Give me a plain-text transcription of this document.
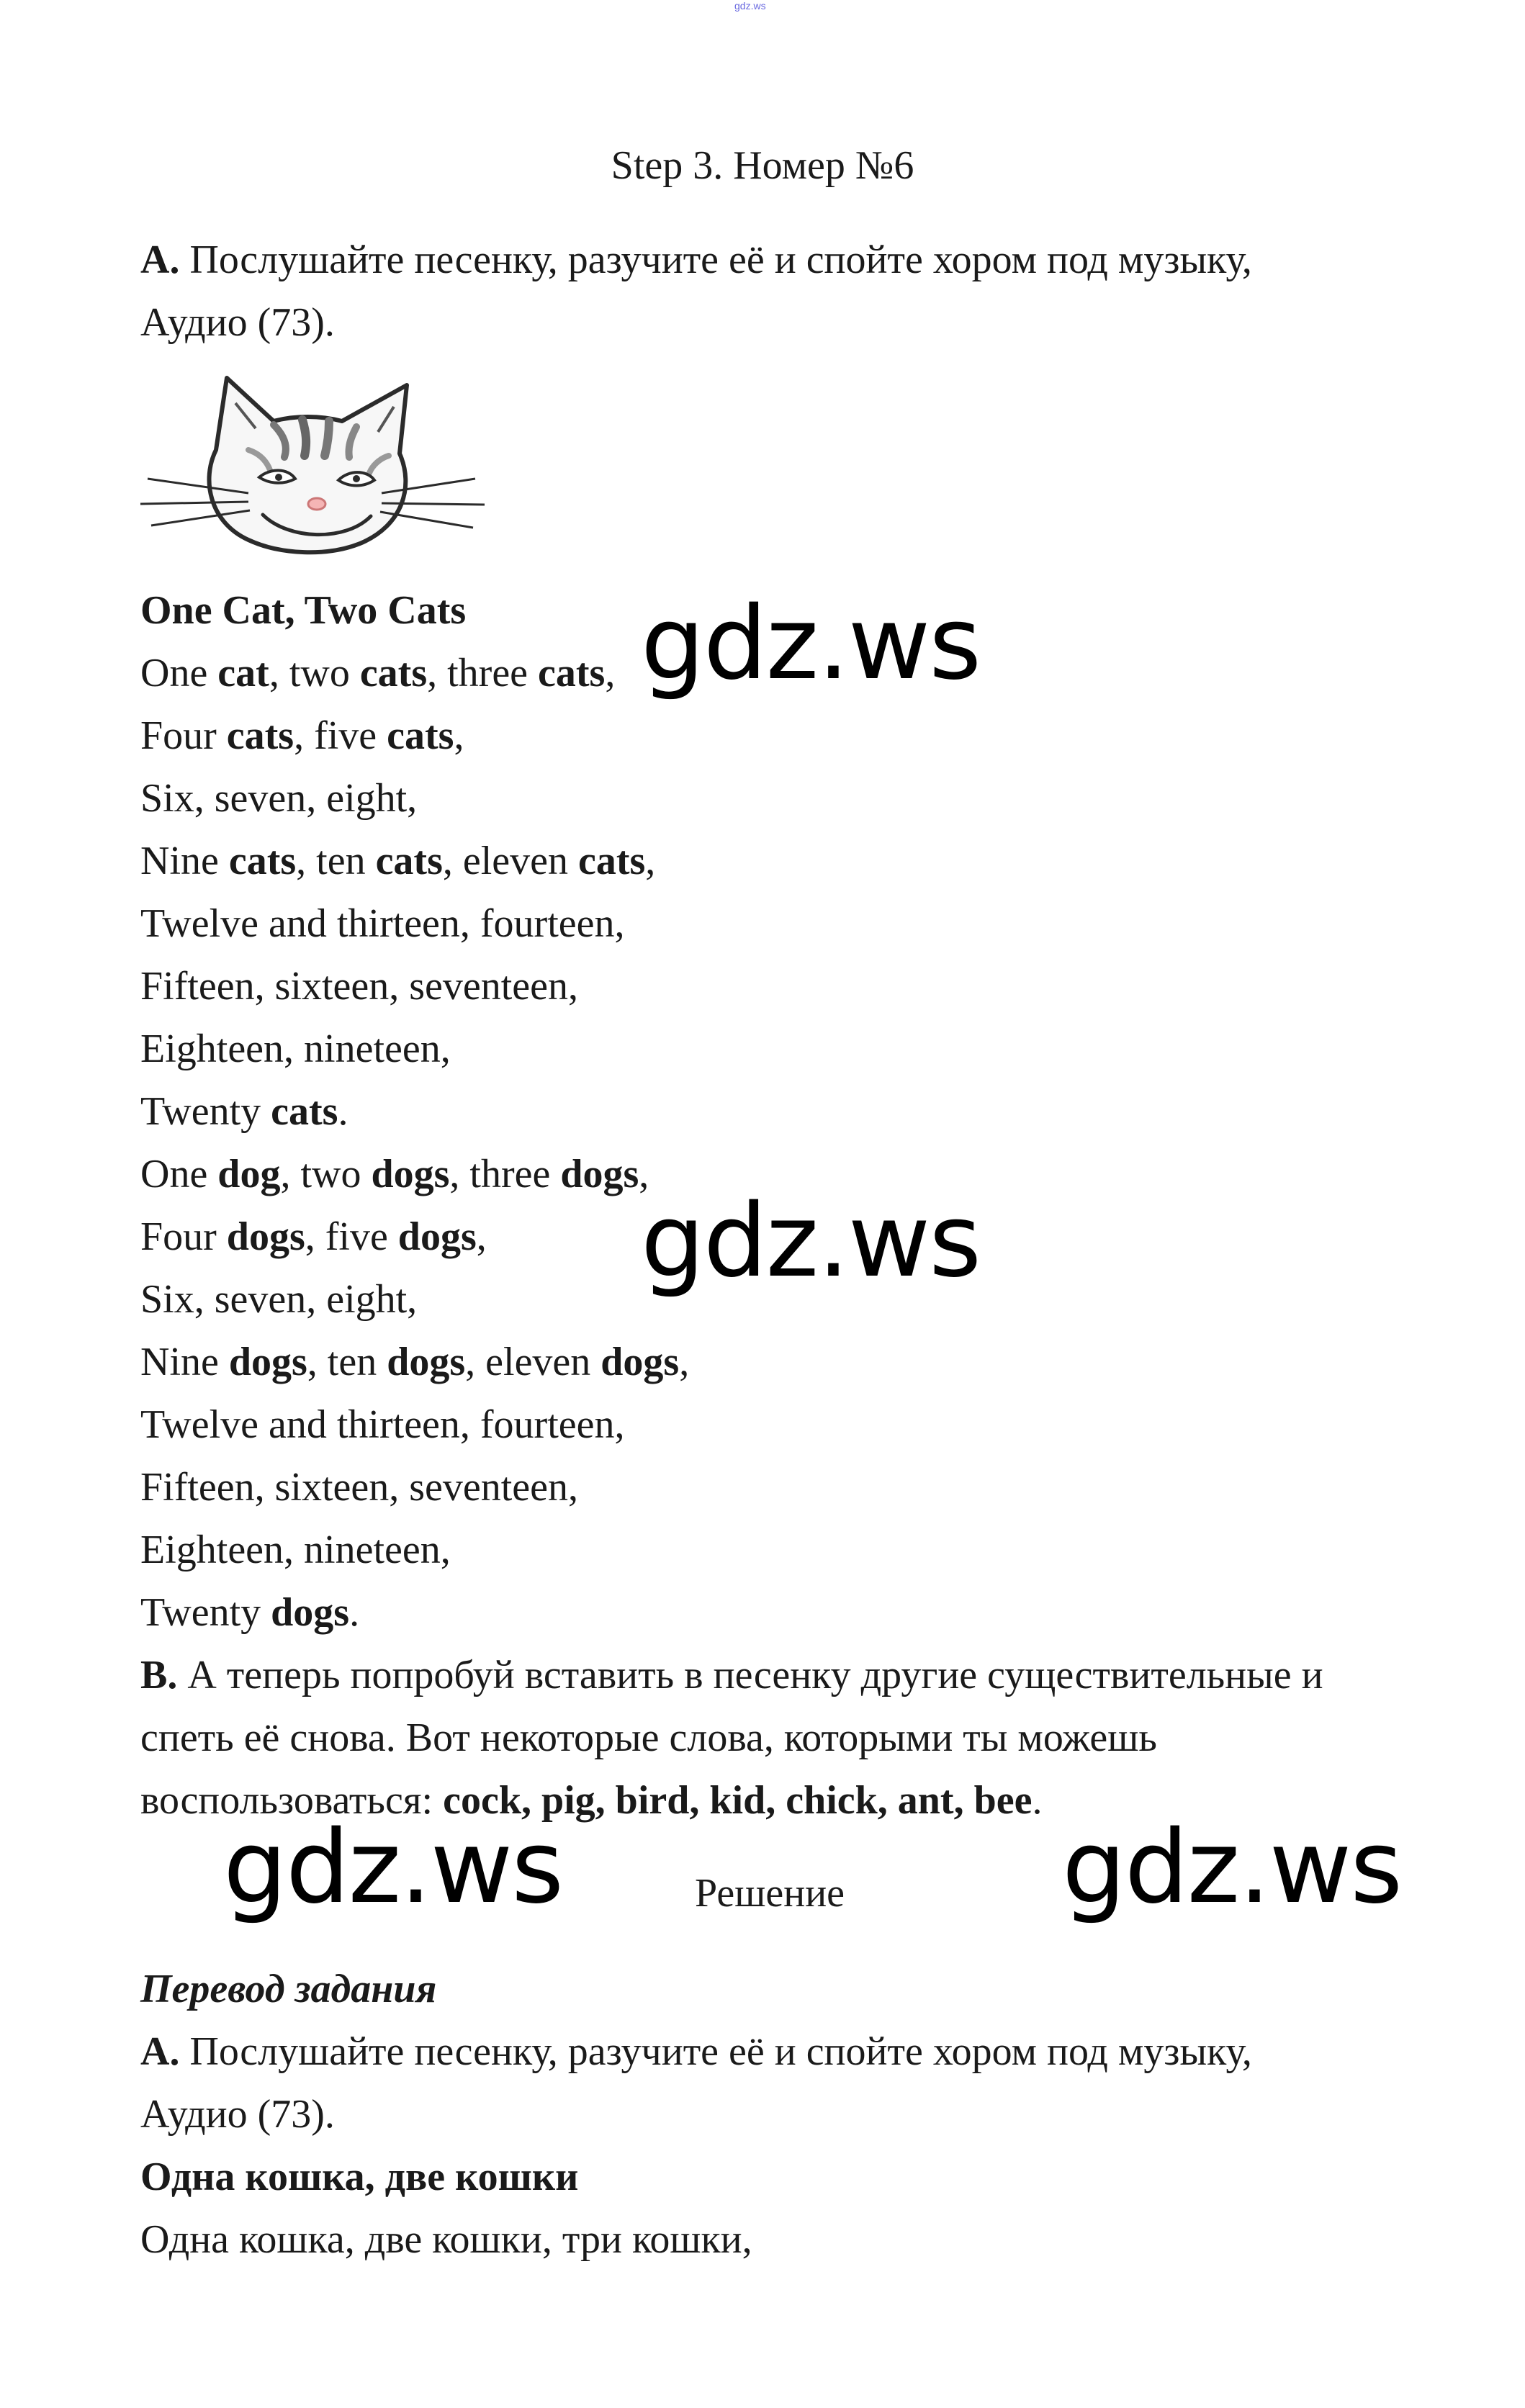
gdz.ws
Step 3. Номер №6
A. Послушайте песенку, разучите её и спойте хором под музыку,
Аудио (73).
One Cat, Two Cats
One cat, two cats, three cats,
Four cats, five cats,
Six, seven, eight,
Nine cats, ten cats, eleven cats,
Twelve and thirteen, fourteen,
Fifteen, sixteen, seventeen,
Eighteen, nineteen,
Twenty cats.
One dog, two dogs, three dogs,
Four dogs, five dogs,
Six, seven, eight,
Nine dogs, ten dogs, eleven dogs,
Twelve and thirteen, fourteen,
Fifteen, sixteen, seventeen,
Eighteen, nineteen,
Twenty dogs.
B. А теперь попробуй вставить в песенку другие существительные и
спеть её снова. Вот некоторые слова, которыми ты можешь
воспользоваться: cock, pig, bird, kid, chick, ant, bee.
Решение
Перевод задания
A. Послушайте песенку, разучите её и спойте хором под музыку,
Аудио (73).
Одна кошка, две кошки
Одна кошка, две кошки, три кошки,
gdz.ws
gdz.ws
gdz.ws	gdz.ws
